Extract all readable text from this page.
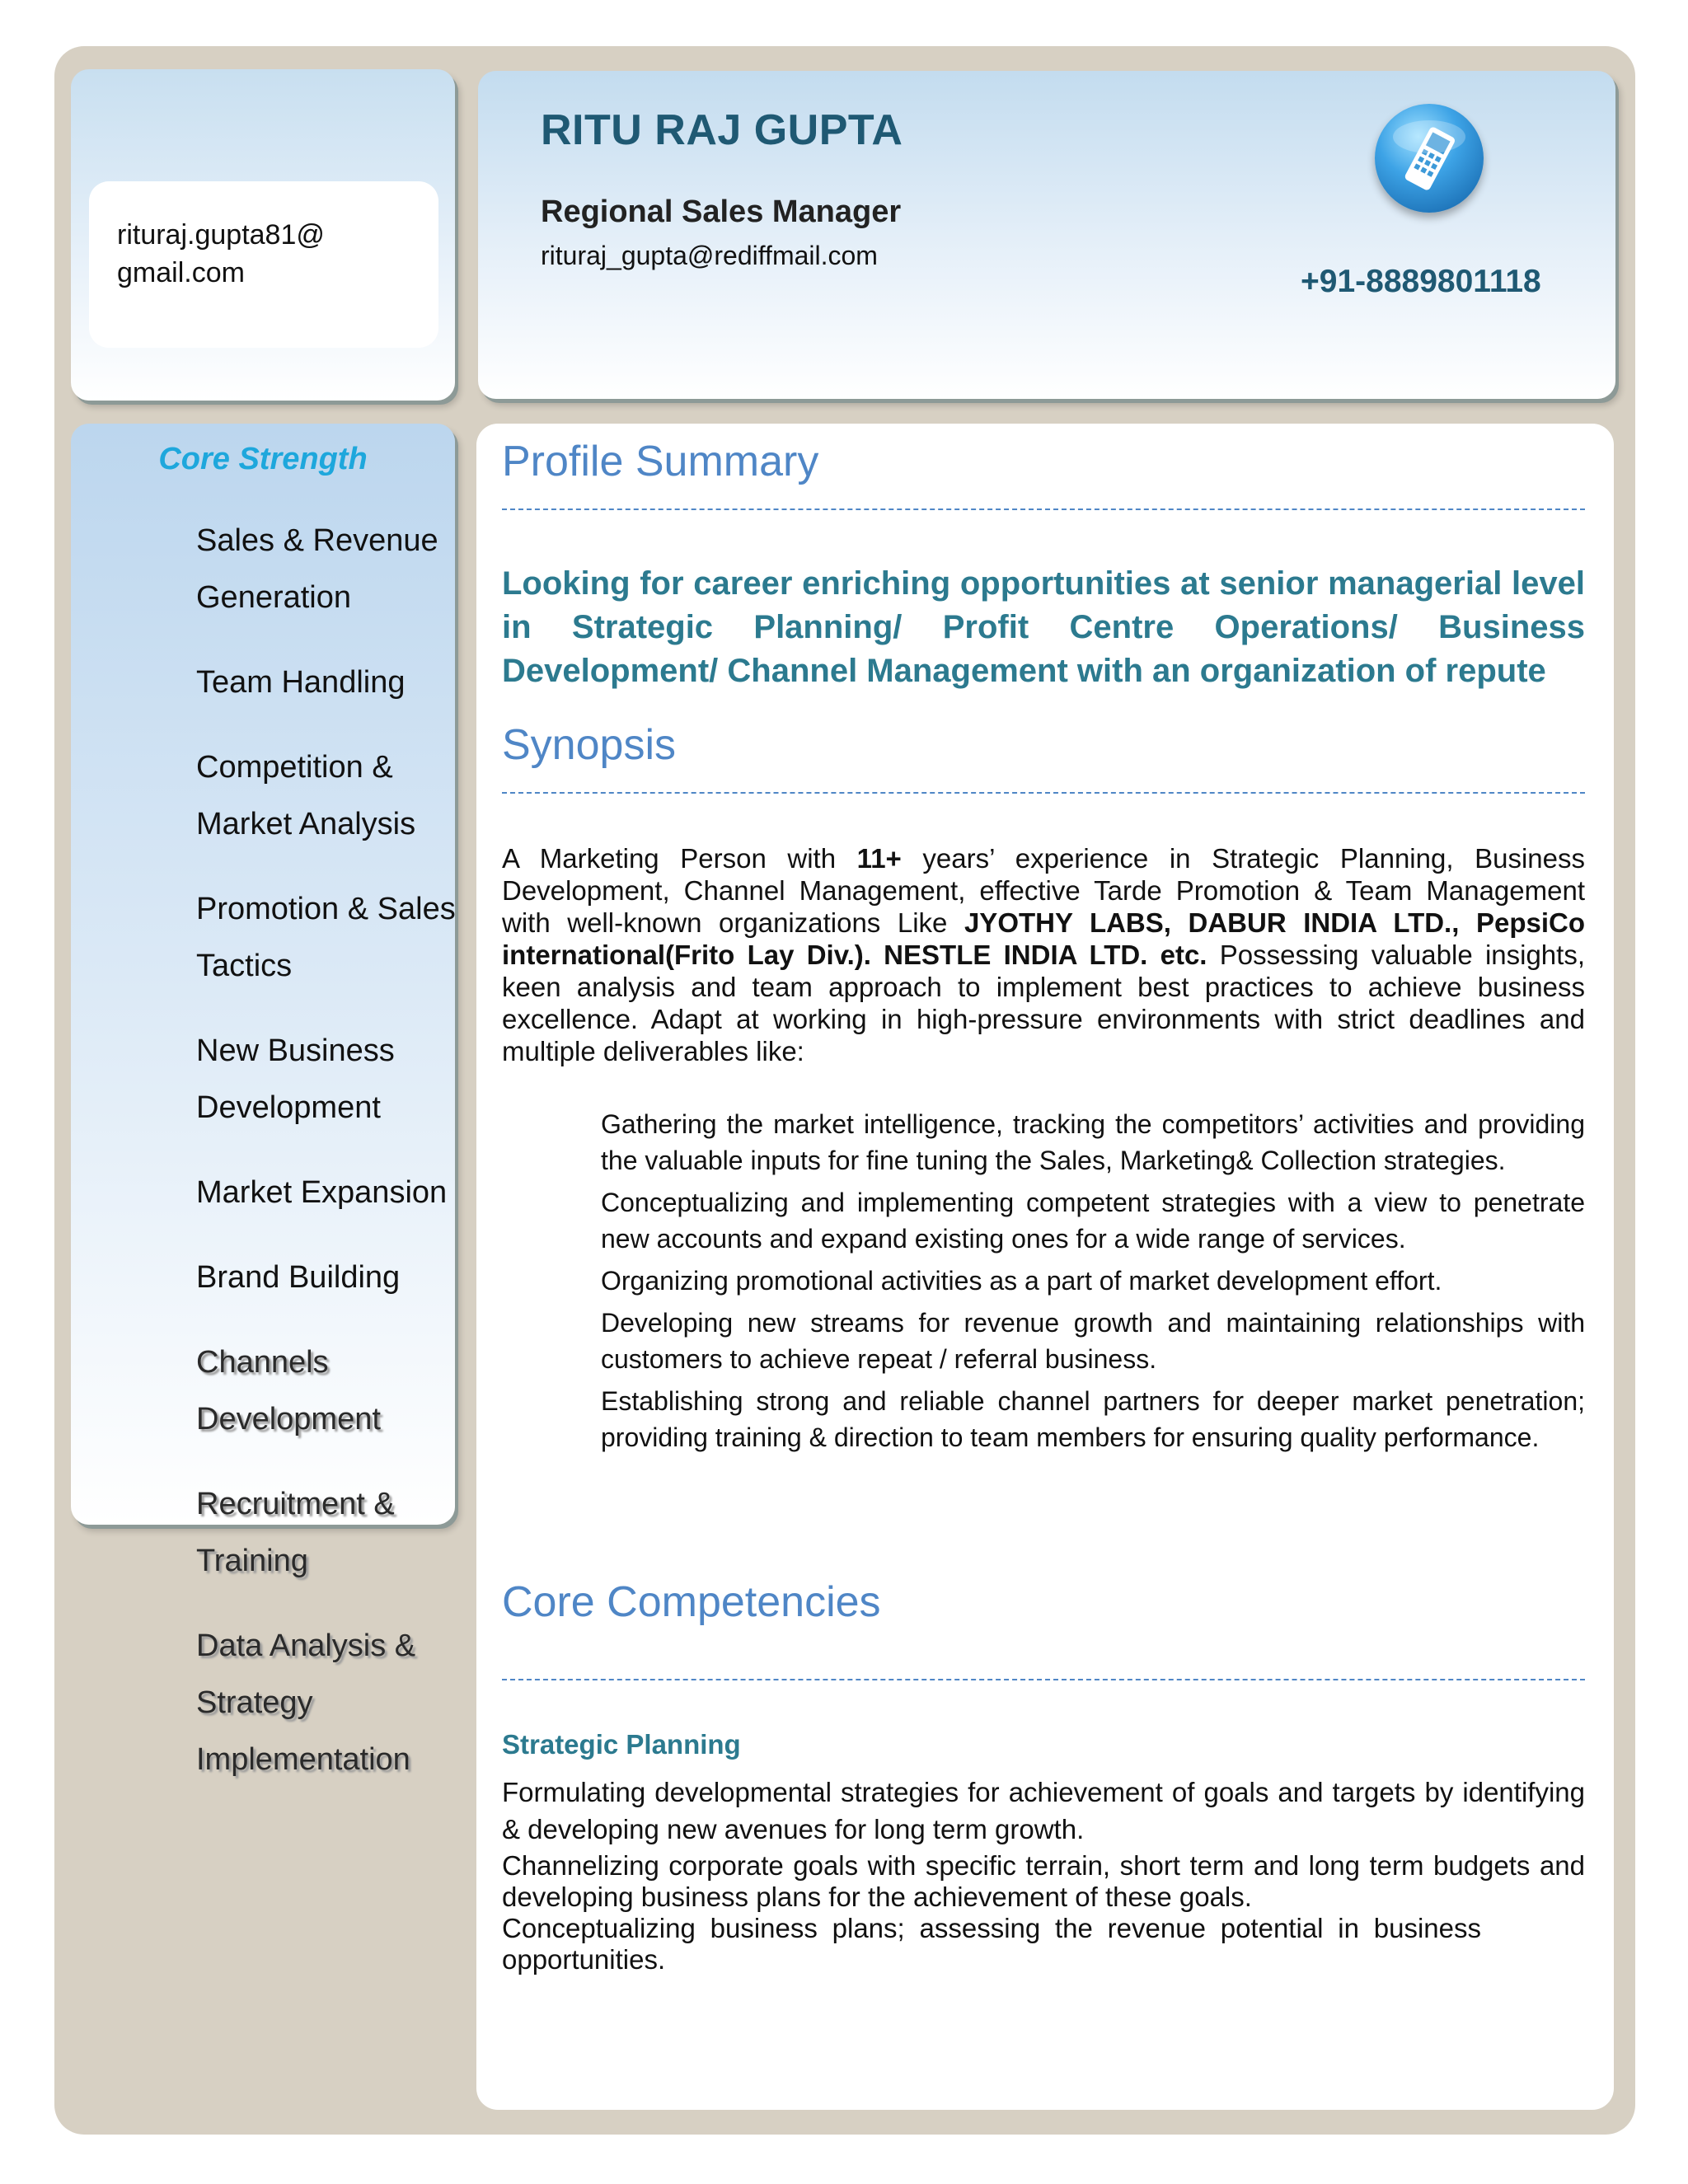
rituraj.gupta81@ gmail.com
RITU RAJ GUPTA
Regional Sales Manager
rituraj_gupta@rediffmail.com
+91-8889801118
Core Strength
Sales & Revenue Generation
Team Handling
Competition & Market Analysis
Promotion & Sales Tactics
New Business Development
Market Expansion
Brand Building
Channels Development
Recruitment & Training
Data Analysis & Strategy Implementation
Profile Summary
Looking for career enriching opportunities at senior managerial level in Strategic Planning/ Profit Centre Operations/ Business Development/ Channel Management with an organization of repute
Synopsis
A Marketing Person with 11+ years’ experience in Strategic Planning, Business Development, Channel Management, effective Tarde Promotion & Team Management with well-known organizations Like JYOTHY LABS, DABUR INDIA LTD., PepsiCo international(Frito Lay Div.). NESTLE INDIA LTD. etc. Possessing valuable insights, keen analysis and team approach to implement best practices to achieve business excellence. Adapt at working in high-pressure environments with strict deadlines and multiple deliverables like:
Gathering the market intelligence, tracking the competitors’ activities and providing the valuable inputs for fine tuning the Sales, Marketing& Collection strategies.
Conceptualizing and implementing competent strategies with a view to penetrate new accounts and expand existing ones for a wide range of services.
Organizing promotional activities as a part of market development effort.
Developing new streams for revenue growth and maintaining relationships with customers to achieve repeat / referral business.
Establishing strong and reliable channel partners for deeper market penetration; providing training & direction to team members for ensuring quality performance.
Core Competencies
Strategic Planning
Formulating developmental strategies for achievement of goals and targets by identifying & developing new avenues for long term growth.
Channelizing corporate goals with specific terrain, short term and long term budgets and developing business plans for the achievement of these goals.
Conceptualizing business plans; assessing the revenue potential in business opportunities.
